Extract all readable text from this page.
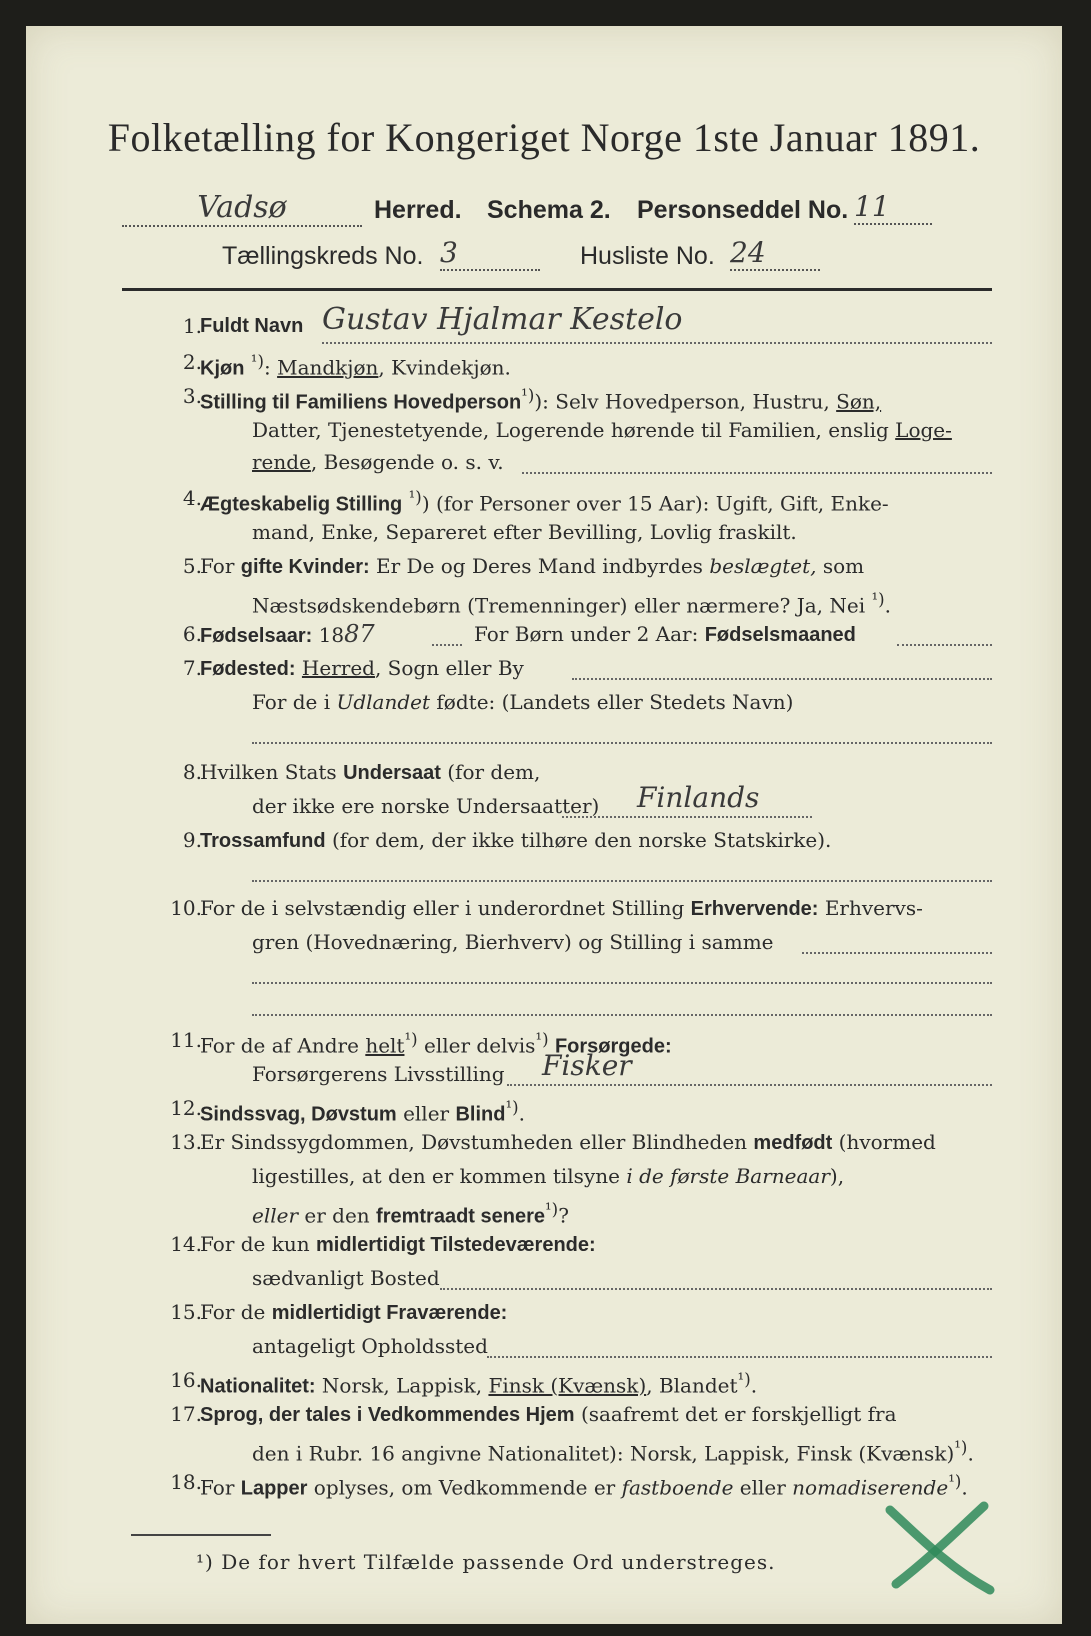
Folketælling for Kongeriget Norge 1ste Januar 1891.
Vadsø	Herred. Schema 2. Personseddel No. 11
Tællingskreds No. 3	Husliste No. 24
1.
Fuldt Navn Gustav Hjalmar Kestelo
2.
Kjøn $^{^1)}$: Mandkjøn, Kvindekjøn.
3.
Stilling til Familiens Hovedperson$^{^1)}$): Selv Hovedperson, Hustru, Søn,
Datter, Tjenestetyende, Logerende hørende til Familien, enslig Loge-
rende, Besøgende o. s. v.
4.
Ægteskabelig Stilling $^{^1)}$) (for Personer over 15 Aar): Ugift, Gift, Enke-
mand, Enke, Separeret efter Bevilling, Lovlig fraskilt.
5.
For gifte Kvinder: Er De og Deres Mand indbyrdes beslægtet, som
Næstsødskendebørn (Tremenninger) eller nærmere? Ja, Nei $^{^1)}$.
6.
Fødselsaar: 1887	For Børn under 2 Aar: Fødselsmaaned
7.
Fødested: Herred, Sogn eller By
For de i Udlandet fødte: (Landets eller Stedets Navn)
8.
Hvilken Stats Undersaat (for dem,
der ikke ere norske Undersaatter) Finlands
9.
Trossamfund (for dem, der ikke tilhøre den norske Statskirke).
10.
For de i selvstændig eller i underordnet Stilling Erhvervende: Erhvervs-
gren (Hovednæring, Bierhverv) og Stilling i samme
11.
For de af Andre helt$^{^1)}$ eller delvis$^{^1)}$ Forsørgede:
Forsørgerens Livsstilling Fisker
12.
Sindssvag, Døvstum eller Blind$^{^1)}$.
13.
Er Sindssygdommen, Døvstumheden eller Blindheden medfødt (hvormed
ligestilles, at den er kommen tilsyne i de første Barneaar),
eller er den fremtraadt senere$^{^1)}$?
14.
For de kun midlertidigt Tilstedeværende:
sædvanligt Bosted
15.
For de midlertidigt Fraværende:
antageligt Opholdssted
16.
Nationalitet: Norsk, Lappisk, Finsk (Kvænsk), Blandet$^{^1)}$.
17.
Sprog, der tales i Vedkommendes Hjem (saafremt det er forskjelligt fra
den i Rubr. 16 angivne Nationalitet): Norsk, Lappisk, Finsk (Kvænsk)$^{^1)}$.
18.
For Lapper oplyses, om Vedkommende er fastboende eller nomadiserende$^{^1)}$.
¹) De for hvert Tilfælde passende Ord understreges.
